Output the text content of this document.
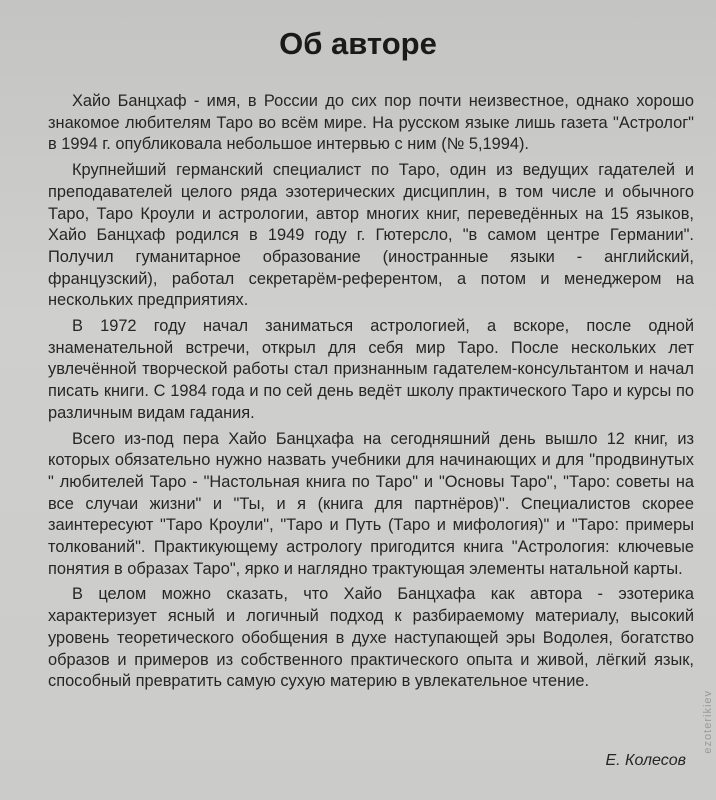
Об авторе

Хайо Банцхаф - имя, в России до сих пор почти неизвестное, однако хорошо знакомое любителям Таро во всём мире. На русском языке лишь газета "Астролог" в 1994 г. опубликовала небольшое интервью с ним (№ 5,1994).

Крупнейший германский специалист по Таро, один из ведущих гадателей и преподавателей целого ряда эзотерических дисциплин, в том числе и обычного Таро, Таро Кроули и астрологии, автор многих книг, переведённых на 15 языков, Хайо Банцхаф родился в 1949 году г. Гютерсло, "в самом центре Германии". Получил гуманитарное образование (иностранные языки - английский, французский), работал секретарём-референтом, а потом и менеджером на нескольких предприятиях.

В 1972 году начал заниматься астрологией, а вскоре, после одной знаменательной встречи, открыл для себя мир Таро. После нескольких лет увлечённой творческой работы стал признанным гадателем-консультантом и начал писать книги. С 1984 года и по сей день ведёт школу практического Таро и курсы по различным видам гадания.

Всего из-под пера Хайо Банцхафа на сегодняшний день вышло 12 книг, из которых обязательно нужно назвать учебники для начинающих и для "продвинутых " любителей Таро - "Настольная книга по Таро" и "Основы Таро", "Таро: советы на все случаи жизни" и "Ты, и я (книга для партнёров)". Специалистов скорее заинтересуют "Таро Кроули", "Таро и Путь (Таро и мифология)" и "Таро: примеры толкований". Практикующему астрологу пригодится книга "Астрология: ключевые понятия в образах Таро", ярко и наглядно трактующая элементы натальной карты.

В целом можно сказать, что Хайо Банцхафа как автора - эзотерика характеризует ясный и логичный подход к разбираемому материалу, высокий уровень теоретического обобщения в духе наступающей эры Водолея, богатство образов и примеров из собственного практического опыта и живой, лёгкий язык, способный превратить самую сухую материю в увлекательное чтение.

Е. Колесов
ezoterikiev
